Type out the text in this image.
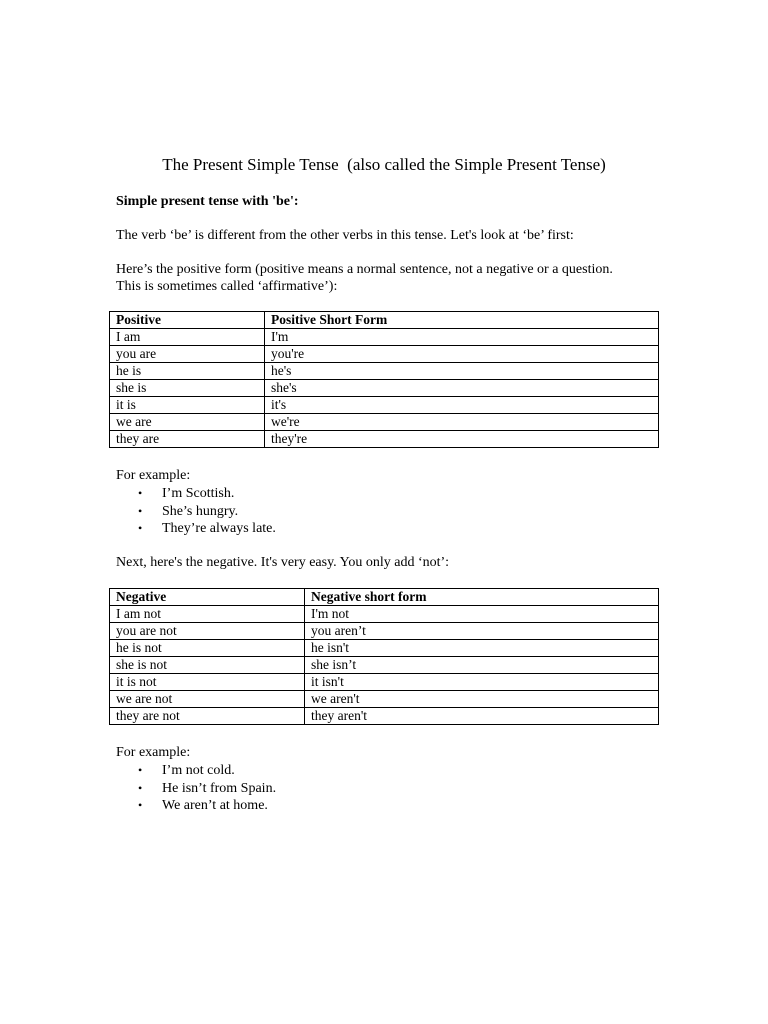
The Present Simple Tense  (also called the Simple Present Tense)

Simple present tense with 'be':

The verb ‘be’ is different from the other verbs in this tense. Let's look at ‘be’ first:

Here’s the positive form (positive means a normal sentence, not a negative or a question. This is sometimes called ‘affirmative’):

Positive	Positive Short Form
I am	I'm
you are	you're
he is	he's
she is	she's
it is	it's
we are	we're
they are	they're

For example:

• I’m Scottish.
• She’s hungry.
• They’re always late.

Next, here's the negative. It's very easy. You only add ‘not’:

Negative	Negative short form
I am not	I'm not
you are not	you aren’t
he is not	he isn't
she is not	she isn’t
it is not	it isn't
we are not	we aren't
they are not	they aren't

For example:

• I’m not cold.
• He isn’t from Spain.
• We aren’t at home.
